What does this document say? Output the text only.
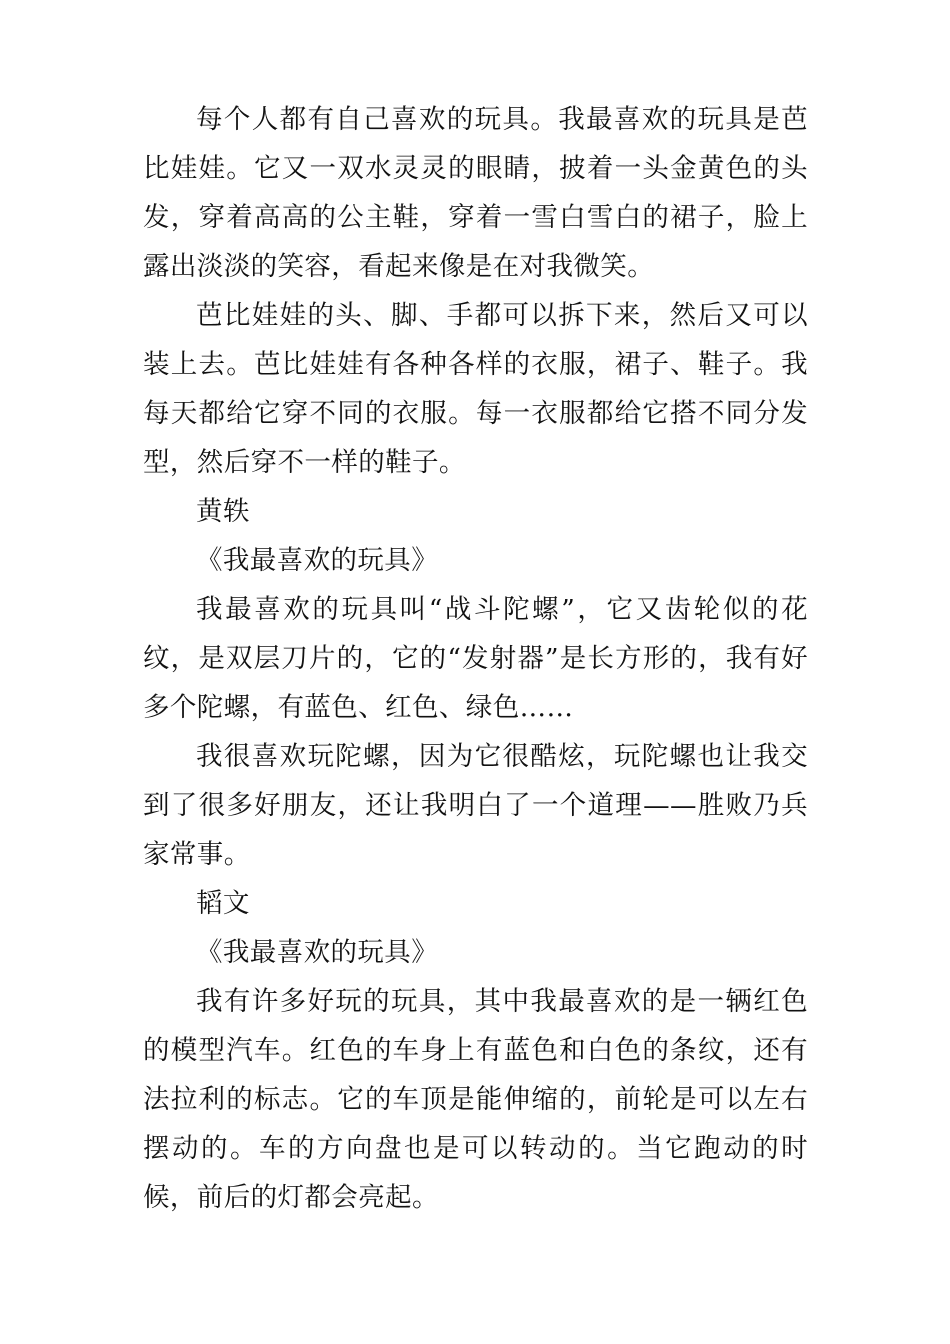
每个人都有自己喜欢的玩具。我最喜欢的玩具是芭比娃娃。它又一双水灵灵的眼睛，披着一头金黄色的头发，穿着高高的公主鞋，穿着一雪白雪白的裙子，脸上露出淡淡的笑容，看起来像是在对我微笑。

芭比娃娃的头、脚、手都可以拆下来，然后又可以装上去。芭比娃娃有各种各样的衣服，裙子、鞋子。我每天都给它穿不同的衣服。每一衣服都给它搭不同分发型，然后穿不一样的鞋子。

黄轶

《我最喜欢的玩具》

我最喜欢的玩具叫“战斗陀螺”，它又齿轮似的花纹，是双层刀片的，它的“发射器”是长方形的，我有好多个陀螺，有蓝色、红色、绿色……

我很喜欢玩陀螺，因为它很酷炫，玩陀螺也让我交到了很多好朋友，还让我明白了一个道理——胜败乃兵家常事。

韬文

《我最喜欢的玩具》

我有许多好玩的玩具，其中我最喜欢的是一辆红色的模型汽车。红色的车身上有蓝色和白色的条纹，还有法拉利的标志。它的车顶是能伸缩的，前轮是可以左右摆动的。车的方向盘也是可以转动的。当它跑动的时候，前后的灯都会亮起。
